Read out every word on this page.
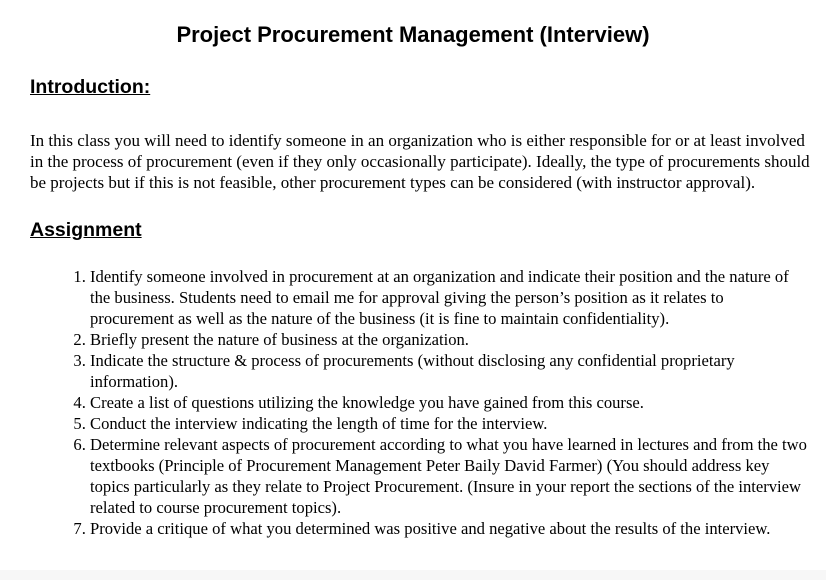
Project Procurement Management (Interview)
Introduction:
In this class you will need to identify someone in an organization who is either responsible for or at least involved in the process of procurement (even if they only occasionally participate). Ideally, the type of procurements should be projects but if this is not feasible, other procurement types can be considered (with instructor approval).
Assignment
1. Identify someone involved in procurement at an organization and indicate their position and the nature of the business. Students need to email me for approval giving the person’s position as it relates to procurement as well as the nature of the business (it is fine to maintain confidentiality).
2. Briefly present the nature of business at the organization.
3. Indicate the structure & process of procurements (without disclosing any confidential proprietary information).
4. Create a list of questions utilizing the knowledge you have gained from this course.
5. Conduct the interview indicating the length of time for the interview.
6. Determine relevant aspects of procurement according to what you have learned in lectures and from the two textbooks (Principle of Procurement Management Peter Baily David Farmer) (You should address key topics particularly as they relate to Project Procurement. (Insure in your report the sections of the interview related to course procurement topics).
7. Provide a critique of what you determined was positive and negative about the results of the interview.
